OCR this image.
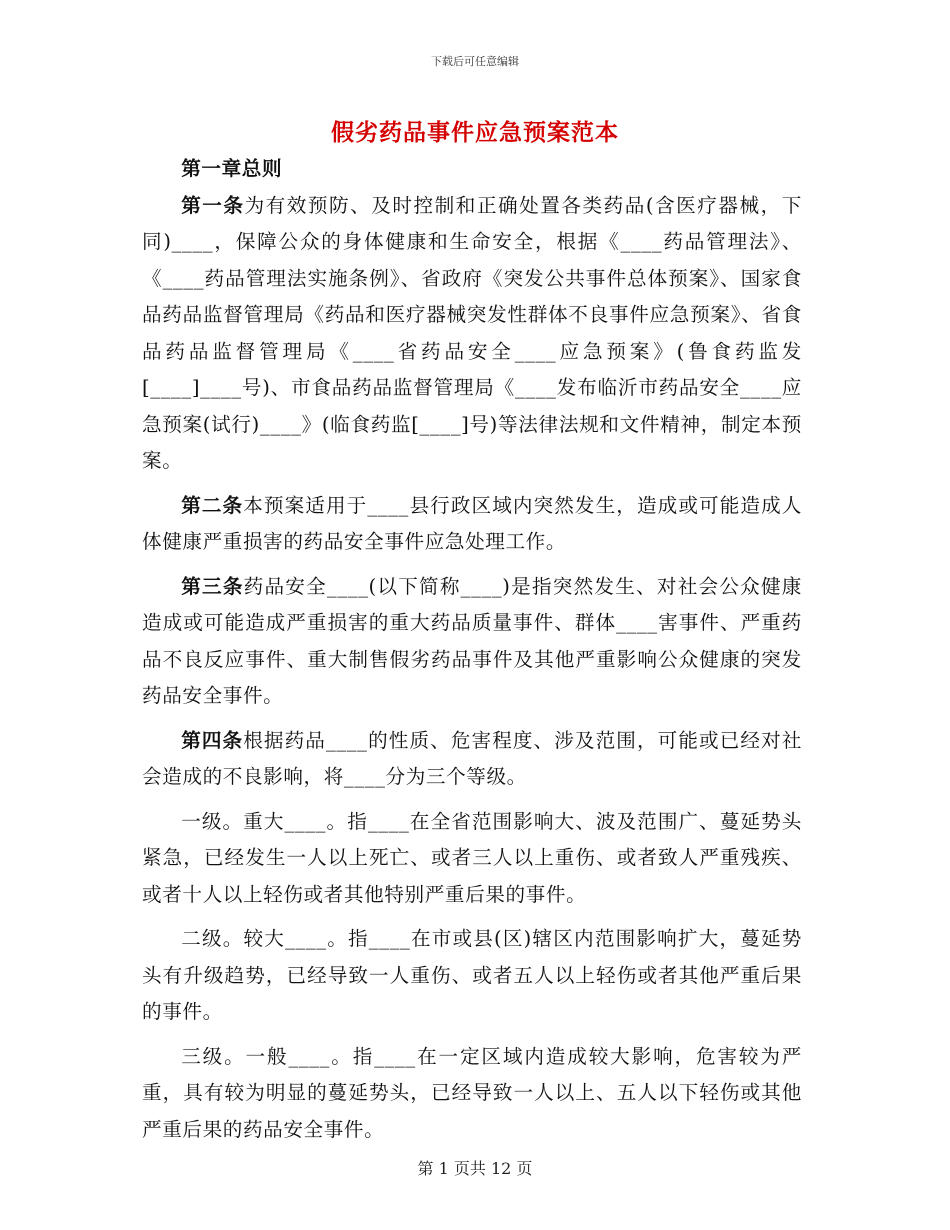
下载后可任意编辑
假劣药品事件应急预案范本

第一章总则

第一条为有效预防、及时控制和正确处置各类药品(含医疗器械，下同)____，保障公众的身体健康和生命安全，根据《____药品管理法》、《____药品管理法实施条例》、省政府《突发公共事件总体预案》、国家食品药品监督管理局《药品和医疗器械突发性群体不良事件应急预案》、省食品药品监督管理局《____省药品安全____应急预案》(鲁食药监发[____]____号)、市食品药品监督管理局《____发布临沂市药品安全____应急预案(试行)____》(临食药监[____]号)等法律法规和文件精神，制定本预案。

第二条本预案适用于____县行政区域内突然发生，造成或可能造成人体健康严重损害的药品安全事件应急处理工作。

第三条药品安全____(以下简称____)是指突然发生、对社会公众健康造成或可能造成严重损害的重大药品质量事件、群体____害事件、严重药品不良反应事件、重大制售假劣药品事件及其他严重影响公众健康的突发药品安全事件。

第四条根据药品____的性质、危害程度、涉及范围，可能或已经对社会造成的不良影响，将____分为三个等级。

一级。重大____。指____在全省范围影响大、波及范围广、蔓延势头紧急，已经发生一人以上死亡、或者三人以上重伤、或者致人严重残疾、或者十人以上轻伤或者其他特别严重后果的事件。

二级。较大____。指____在市或县(区)辖区内范围影响扩大，蔓延势头有升级趋势，已经导致一人重伤、或者五人以上轻伤或者其他严重后果的事件。

三级。一般____。指____在一定区域内造成较大影响，危害较为严重，具有较为明显的蔓延势头，已经导致一人以上、五人以下轻伤或其他严重后果的药品安全事件。

第 1 页共 12 页
